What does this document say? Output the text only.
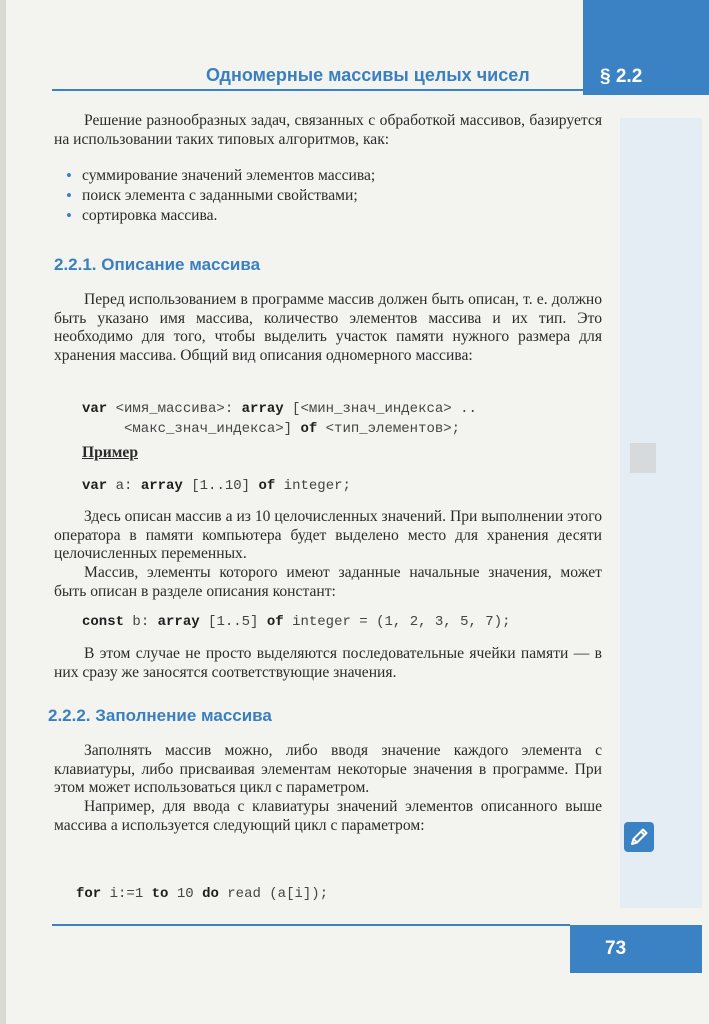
§ 2.2
Одномерные массивы целых чисел

Решение разнообразных задач, связанных с обработкой массивов, базируется на использовании таких типовых алгоритмов, как:

• суммирование значений элементов массива;
• поиск элемента с заданными свойствами;
• сортировка массива.
2.2.1. Описание массива

Перед использованием в программе массив должен быть описан, т. е. должно быть указано имя массива, количество элементов массива и их тип. Это необходимо для того, чтобы выделить участок памяти нужного размера для хранения массива. Общий вид описания одномерного массива:

var <имя_массива>: array [<мин_знач_индекса> ..
<макс_знач_индекса>] of <тип_элементов>;
Пример
var a: array [1..10] of integer;

Здесь описан массив a из 10 целочисленных значений. При выполнении этого оператора в памяти компьютера будет выделено место для хранения десяти целочисленных переменных.

Массив, элементы которого имеют заданные начальные значения, может быть описан в разделе описания констант:

const b: array [1..5] of integer = (1, 2, 3, 5, 7);

В этом случае не просто выделяются последовательные ячейки памяти — в них сразу же заносятся соответствующие значения.

2.2.2. Заполнение массива

Заполнять массив можно, либо вводя значение каждого элемента с клавиатуры, либо присваивая элементам некоторые значения в программе. При этом может использоваться цикл с параметром.

Например, для ввода с клавиатуры значений элементов описанного выше массива a используется следующий цикл с параметром:

for i:=1 to 10 do read (a[i]);
73
